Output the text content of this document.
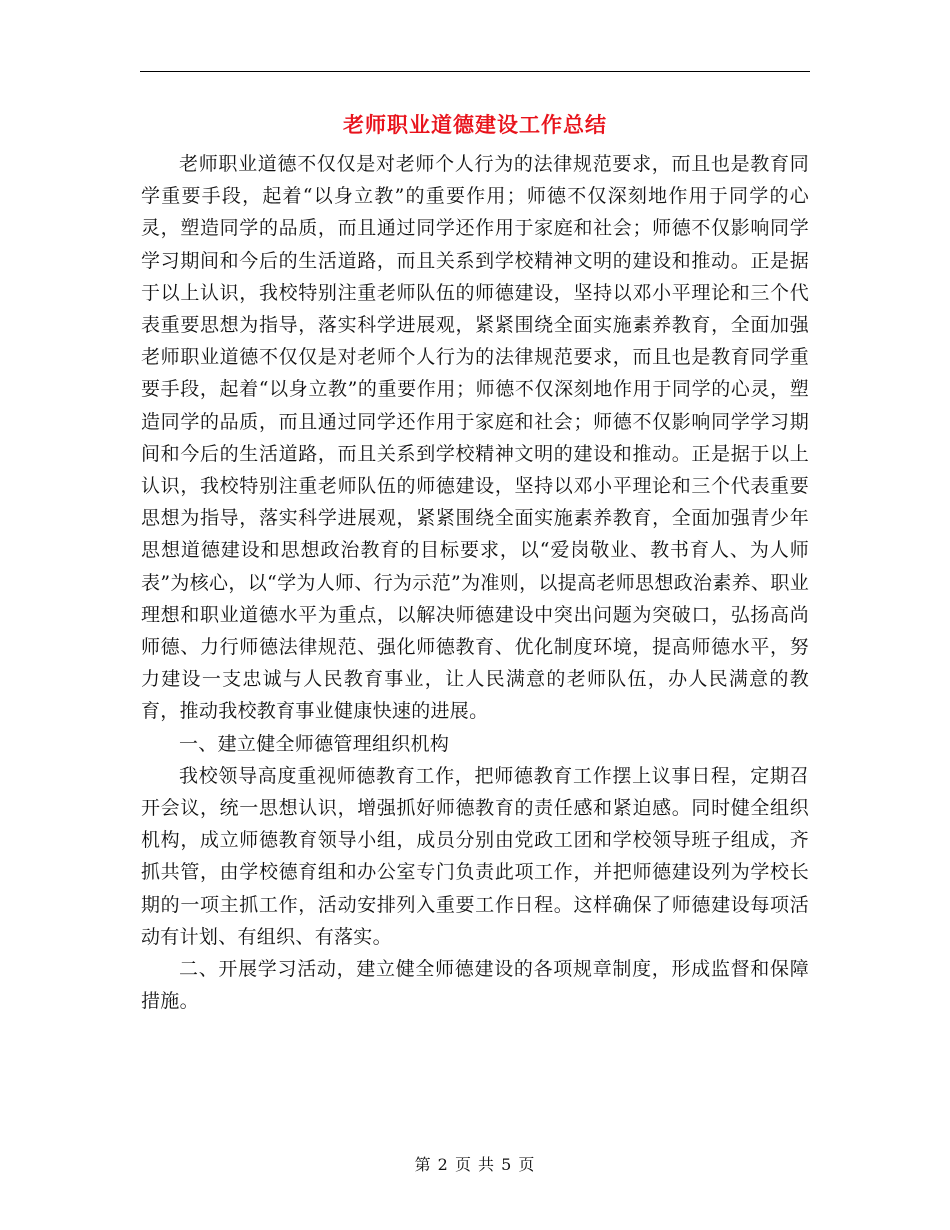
老师职业道德建设工作总结

老师职业道德不仅仅是对老师个人行为的法律规范要求，而且也是教育同学重要手段，起着“以身立教”的重要作用；师德不仅深刻地作用于同学的心灵，塑造同学的品质，而且通过同学还作用于家庭和社会；师德不仅影响同学学习期间和今后的生活道路，而且关系到学校精神文明的建设和推动。正是据于以上认识，我校特别注重老师队伍的师德建设，坚持以邓小平理论和三个代表重要思想为指导，落实科学进展观，紧紧围绕全面实施素养教育，全面加强老师职业道德不仅仅是对老师个人行为的法律规范要求，而且也是教育同学重要手段，起着“以身立教”的重要作用；师德不仅深刻地作用于同学的心灵，塑造同学的品质，而且通过同学还作用于家庭和社会；师德不仅影响同学学习期间和今后的生活道路，而且关系到学校精神文明的建设和推动。正是据于以上认识，我校特别注重老师队伍的师德建设，坚持以邓小平理论和三个代表重要思想为指导，落实科学进展观，紧紧围绕全面实施素养教育，全面加强青少年思想道德建设和思想政治教育的目标要求，以“爱岗敬业、教书育人、为人师表”为核心，以“学为人师、行为示范”为准则，以提高老师思想政治素养、职业理想和职业道德水平为重点，以解决师德建设中突出问题为突破口，弘扬高尚师德、力行师德法律规范、强化师德教育、优化制度环境，提高师德水平，努力建设一支忠诚与人民教育事业，让人民满意的老师队伍，办人民满意的教育，推动我校教育事业健康快速的进展。

一、建立健全师德管理组织机构

我校领导高度重视师德教育工作，把师德教育工作摆上议事日程，定期召开会议，统一思想认识，增强抓好师德教育的责任感和紧迫感。同时健全组织机构，成立师德教育领导小组，成员分别由党政工团和学校领导班子组成，齐抓共管，由学校德育组和办公室专门负责此项工作，并把师德建设列为学校长期的一项主抓工作，活动安排列入重要工作日程。这样确保了师德建设每项活动有计划、有组织、有落实。

二、开展学习活动，建立健全师德建设的各项规章制度，形成监督和保障措施。

第 2 页 共 5 页
